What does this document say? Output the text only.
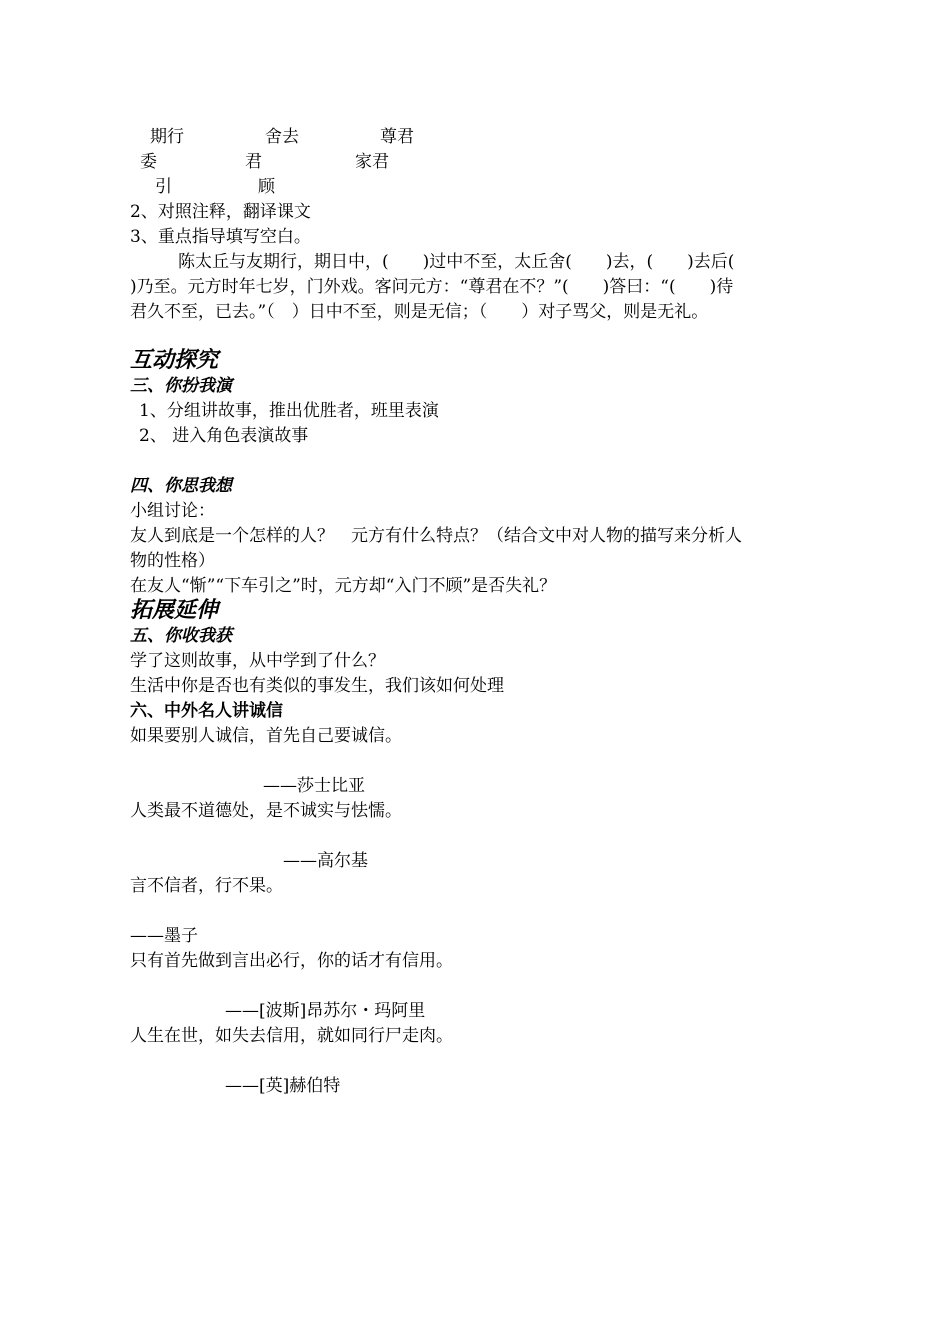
期行	舍去	尊君
委	君	家君
引	顾
2、对照注释，翻译课文
3、重点指导填写空白。
陈太丘与友期行，期日中，(　　)过中不至，太丘舍(　　)去，(　　)去后(
)乃至。元方时年七岁，门外戏。客问元方：“尊君在不？”(　　)答曰：“(　　)待
君久不至，已去。”（　）日中不至，则是无信；（　　）对子骂父，则是无礼。
互动探究
三、你扮我演
1、分组讲故事，推出优胜者，班里表演
2、 进入角色表演故事
四、你思我想
小组讨论：
友人到底是一个怎样的人？　元方有什么特点？（结合文中对人物的描写来分析人
物的性格）
在友人“惭”“下车引之”时，元方却“入门不顾”是否失礼？
拓展延伸
五、你收我获
学了这则故事，从中学到了什么？
生活中你是否也有类似的事发生，我们该如何处理
六、中外名人讲诚信
如果要别人诚信，首先自己要诚信。
——莎士比亚
人类最不道德处，是不诚实与怯懦。
——高尔基
言不信者，行不果。
——墨子
只有首先做到言出必行，你的话才有信用。
——[波斯]昂苏尔・玛阿里
人生在世，如失去信用，就如同行尸走肉。
——[英]赫伯特
